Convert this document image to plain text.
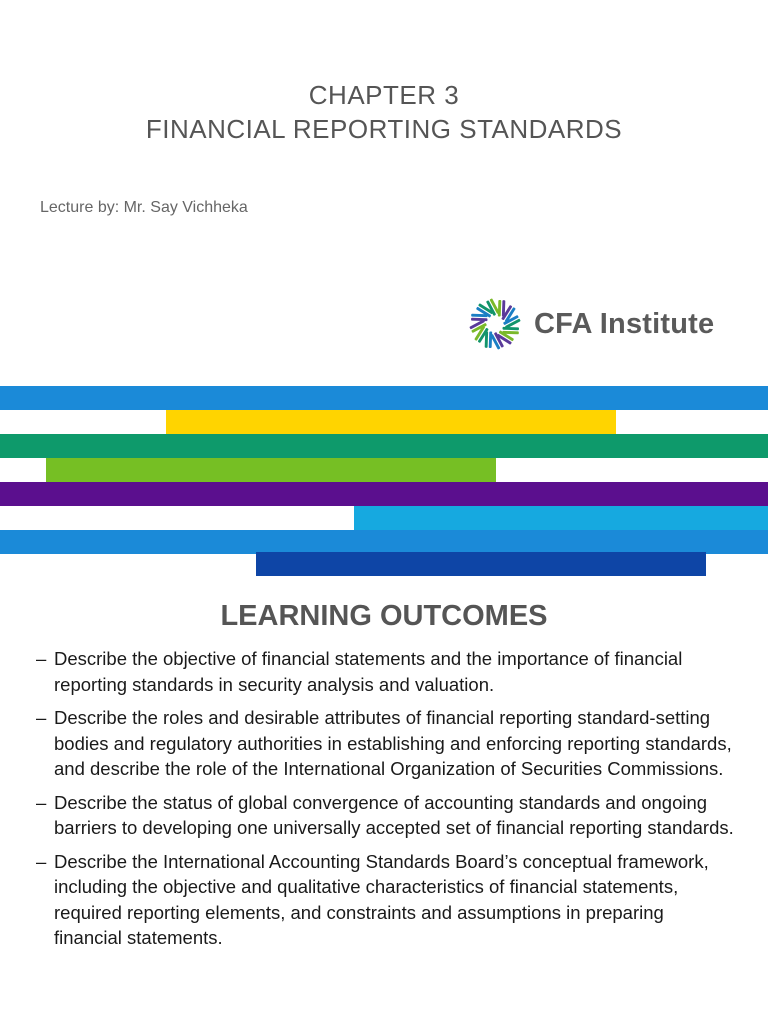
CHAPTER 3
FINANCIAL REPORTING STANDARDS
Lecture by: Mr. Say Vichheka
CFA Institute
LEARNING OUTCOMES
– Describe the objective of financial statements and the importance of financial reporting standards in security analysis and valuation.
– Describe the roles and desirable attributes of financial reporting standard-setting bodies and regulatory authorities in establishing and enforcing reporting standards, and describe the role of the International Organization of Securities Commissions.
– Describe the status of global convergence of accounting standards and ongoing barriers to developing one universally accepted set of financial reporting standards.
– Describe the International Accounting Standards Board’s conceptual framework, including the objective and qualitative characteristics of financial statements, required reporting elements, and constraints and assumptions in preparing financial statements.
